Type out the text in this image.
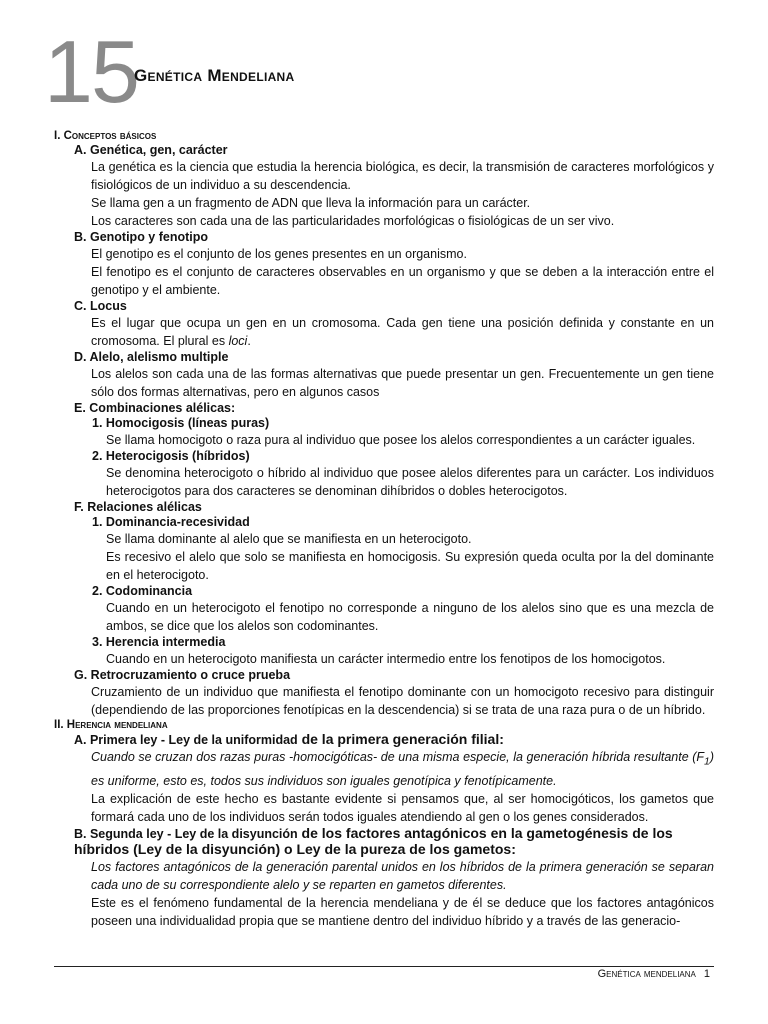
15
Genética Mendeliana
I. Conceptos básicos
A. Genética, gen, carácter

La genética es la ciencia que estudia la herencia biológica, es decir, la transmisión de caracteres morfológicos y fisiológicos de un individuo a su descendencia.

Se llama gen a un fragmento de ADN que lleva la información para un carácter.

Los caracteres son cada una de las particularidades morfológicas o fisiológicas de un ser vivo.

B. Genotipo y fenotipo

El genotipo es el conjunto de los genes presentes en un organismo.

El fenotipo es el conjunto de caracteres observables en un organismo y que se deben a la interacción entre el genotipo y el ambiente.

C. Locus

Es el lugar que ocupa un gen en un cromosoma. Cada gen tiene una posición definida y constante en un cromosoma. El plural es loci.

D. Alelo, alelismo multiple

Los alelos son cada una de las formas alternativas que puede presentar un gen. Frecuentemente un gen tiene sólo dos formas alternativas, pero en algunos casos

E. Combinaciones alélicas:
1. Homocigosis (líneas puras)

Se llama homocigoto o raza pura al individuo que posee los alelos correspondientes a un carácter iguales.

2. Heterocigosis (híbridos)

Se denomina heterocigoto o híbrido al individuo que posee alelos diferentes para un carácter. Los individuos heterocigotos para dos caracteres se denominan dihíbridos o dobles heterocigotos.

F. Relaciones alélicas
1. Dominancia-recesividad

Se llama dominante al alelo que se manifiesta en un heterocigoto.

Es recesivo el alelo que solo se manifiesta en homocigosis. Su expresión queda oculta por la del dominante en el heterocigoto.

2. Codominancia

Cuando en un heterocigoto el fenotipo no corresponde a ninguno de los alelos sino que es una mezcla de ambos, se dice que los alelos son codominantes.

3. Herencia intermedia

Cuando en un heterocigoto manifiesta un carácter intermedio entre los fenotipos de los homocigotos.

G. Retrocruzamiento o cruce prueba

Cruzamiento de un individuo que manifiesta el fenotipo dominante con un homocigoto recesivo para distinguir (dependiendo de las proporciones fenotípicas en la descendencia) si se trata de una raza pura o de un híbrido.

II. Herencia mendeliana
A. Primera ley - Ley de la uniformidad de la primera generación filial:

Cuando se cruzan dos razas puras -homocigóticas- de una misma especie, la generación híbrida resultante $(F_1)$ es uniforme, esto es, todos sus individuos son iguales genotípica y fenotípicamente.

La explicación de este hecho es bastante evidente si pensamos que, al ser homocigóticos, los gametos que formará cada uno de los individuos serán todos iguales atendiendo al gen o los genes considerados.

B. Segunda ley - Ley de la disyunción de los factores antagónicos en la gametogénesis de los híbridos (Ley de la disyunción) o Ley de la pureza de los gametos:

Los factores antagónicos de la generación parental unidos en los híbridos de la primera generación se separan cada uno de su correspondiente alelo y se reparten en gametos diferentes.

Este es el fenómeno fundamental de la herencia mendeliana y de él se deduce que los factores antagónicos poseen una individualidad propia que se mantiene dentro del individuo híbrido y a través de las generacio-

Genética mendeliana 1
